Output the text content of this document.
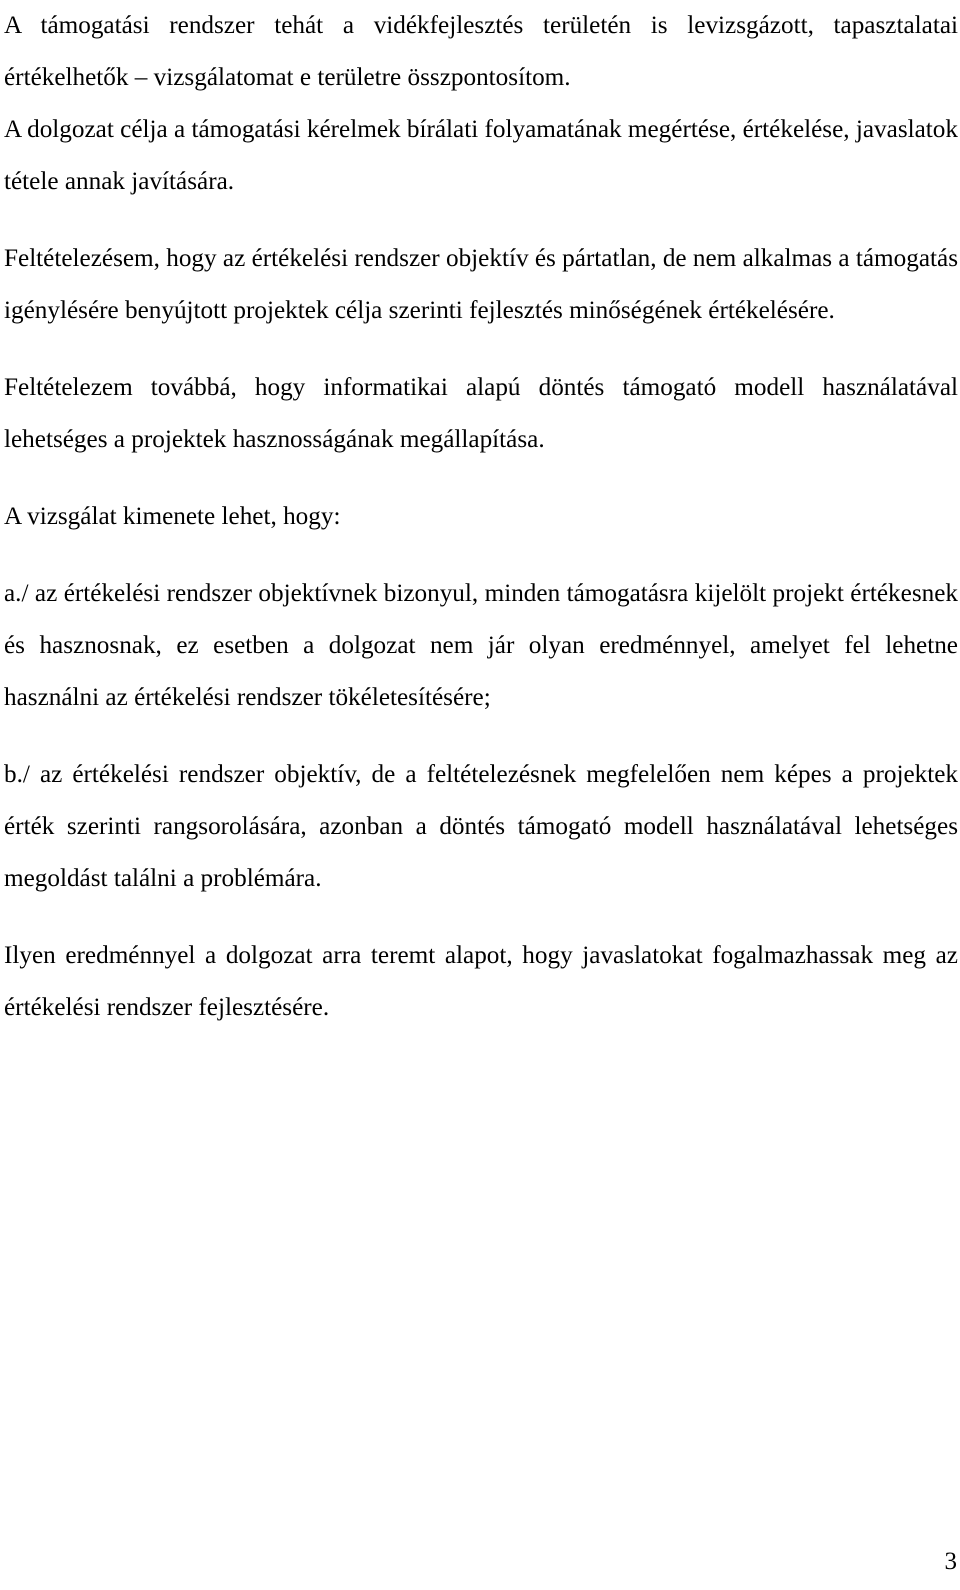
A támogatási rendszer tehát a vidékfejlesztés területén is levizsgázott, tapasztalatai értékelhetők – vizsgálatomat e területre összpontosítom.

A dolgozat célja a támogatási kérelmek bírálati folyamatának megértése, értékelése, javaslatok tétele annak javítására.

Feltételezésem, hogy az értékelési rendszer objektív és pártatlan, de nem alkalmas a támogatás igénylésére benyújtott projektek célja szerinti fejlesztés minőségének értékelésére.

Feltételezem továbbá, hogy informatikai alapú döntés támogató modell használatával lehetséges a projektek hasznosságának megállapítása.

A vizsgálat kimenete lehet, hogy:

a./ az értékelési rendszer objektívnek bizonyul, minden támogatásra kijelölt projekt értékesnek és hasznosnak, ez esetben a dolgozat nem jár olyan eredménnyel, amelyet fel lehetne használni az értékelési rendszer tökéletesítésére;

b./ az értékelési rendszer objektív, de a feltételezésnek megfelelően nem képes a projektek érték szerinti rangsorolására, azonban a döntés támogató modell használatával lehetséges megoldást találni a problémára.

Ilyen eredménnyel a dolgozat arra teremt alapot, hogy javaslatokat fogalmazhassak meg az értékelési rendszer fejlesztésére.

3
